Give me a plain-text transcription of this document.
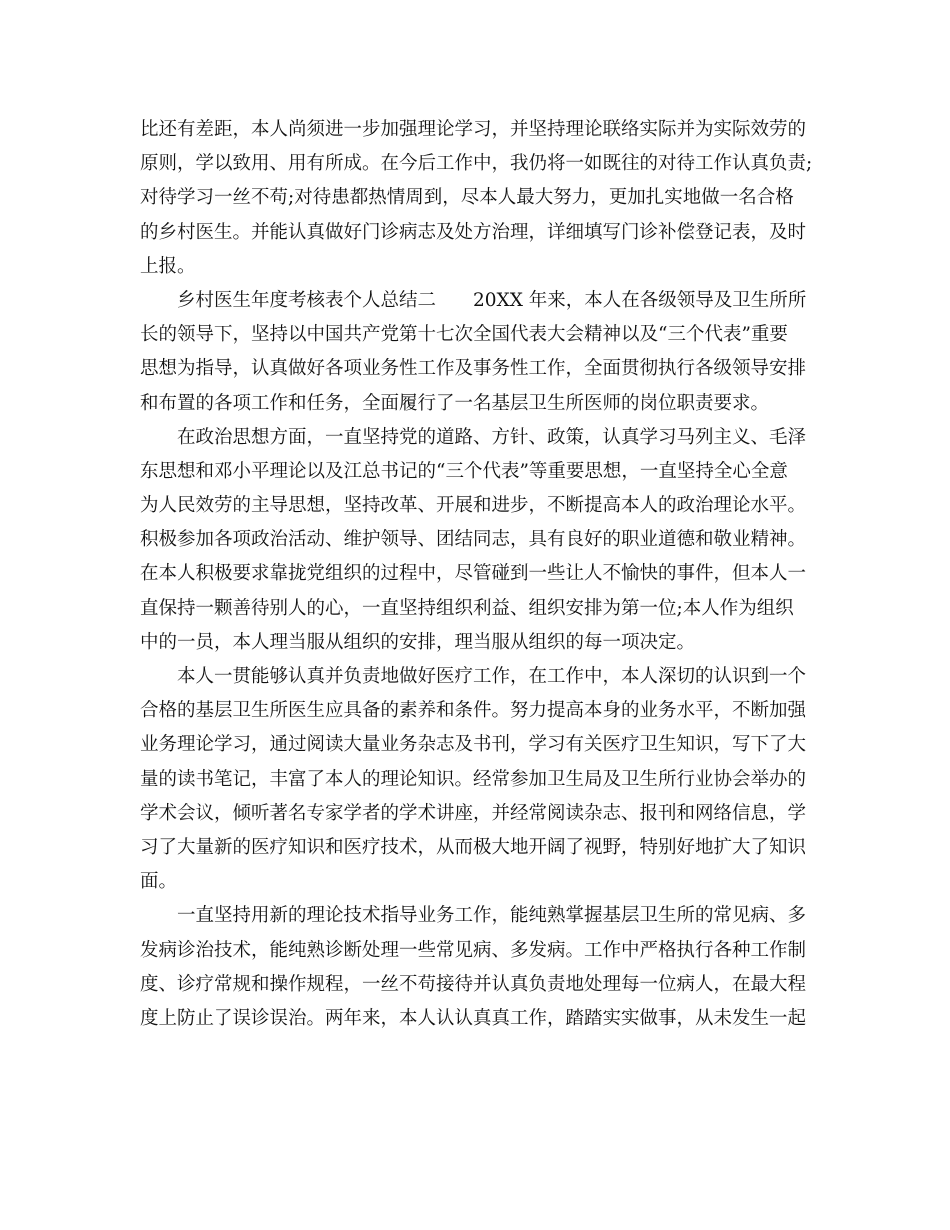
比还有差距，本人尚须进一步加强理论学习，并坚持理论联络实际并为实际效劳的
原则，学以致用、用有所成。在今后工作中，我仍将一如既往的对待工作认真负责;
对待学习一丝不苟;对待患都热情周到，尽本人最大努力，更加扎实地做一名合格
的乡村医生。并能认真做好门诊病志及处方治理，详细填写门诊补偿登记表，及时
上报。
乡村医生年度考核表个人总结二　　20XX 年来，本人在各级领导及卫生所所
长的领导下，坚持以中国共产党第十七次全国代表大会精神以及“三个代表”重要
思想为指导，认真做好各项业务性工作及事务性工作，全面贯彻执行各级领导安排
和布置的各项工作和任务，全面履行了一名基层卫生所医师的岗位职责要求。
在政治思想方面，一直坚持党的道路、方针、政策，认真学习马列主义、毛泽
东思想和邓小平理论以及江总书记的“三个代表”等重要思想，一直坚持全心全意
为人民效劳的主导思想，坚持改革、开展和进步，不断提高本人的政治理论水平。
积极参加各项政治活动、维护领导、团结同志，具有良好的职业道德和敬业精神。
在本人积极要求靠拢党组织的过程中，尽管碰到一些让人不愉快的事件，但本人一
直保持一颗善待别人的心，一直坚持组织利益、组织安排为第一位;本人作为组织
中的一员，本人理当服从组织的安排，理当服从组织的每一项决定。
本人一贯能够认真并负责地做好医疗工作，在工作中，本人深切的认识到一个
合格的基层卫生所医生应具备的素养和条件。努力提高本身的业务水平，不断加强
业务理论学习，通过阅读大量业务杂志及书刊，学习有关医疗卫生知识，写下了大
量的读书笔记，丰富了本人的理论知识。经常参加卫生局及卫生所行业协会举办的
学术会议，倾听著名专家学者的学术讲座，并经常阅读杂志、报刊和网络信息，学
习了大量新的医疗知识和医疗技术，从而极大地开阔了视野，特别好地扩大了知识
面。
一直坚持用新的理论技术指导业务工作，能纯熟掌握基层卫生所的常见病、多
发病诊治技术，能纯熟诊断处理一些常见病、多发病。工作中严格执行各种工作制
度、诊疗常规和操作规程，一丝不苟接待并认真负责地处理每一位病人，在最大程
度上防止了误诊误治。两年来，本人认认真真工作，踏踏实实做事，从未发生一起
